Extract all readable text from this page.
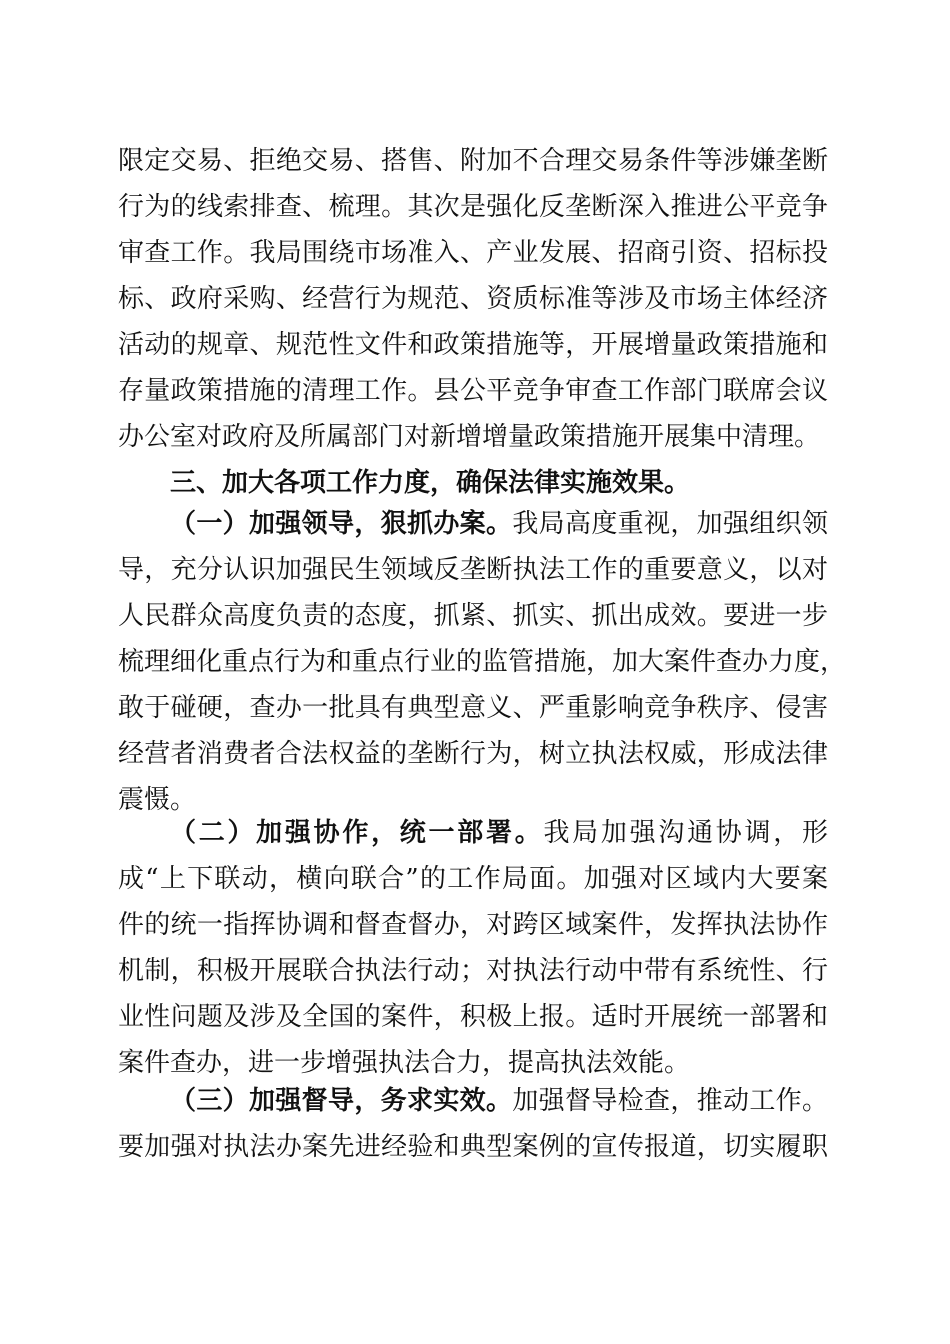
限定交易、拒绝交易、搭售、附加不合理交易条件等涉嫌垄断
行为的线索排查、梳理。其次是强化反垄断深入推进公平竞争
审查工作。我局围绕市场准入、产业发展、招商引资、招标投
标、政府采购、经营行为规范、资质标准等涉及市场主体经济
活动的规章、规范性文件和政策措施等，开展增量政策措施和
存量政策措施的清理工作。县公平竞争审查工作部门联席会议
办公室对政府及所属部门对新增增量政策措施开展集中清理。
三、加大各项工作力度，确保法律实施效果。
（一）加强领导，狠抓办案。我局高度重视，加强组织领
导，充分认识加强民生领域反垄断执法工作的重要意义，以对
人民群众高度负责的态度，抓紧、抓实、抓出成效。要进一步
梳理细化重点行为和重点行业的监管措施，加大案件查办力度，
敢于碰硬，查办一批具有典型意义、严重影响竞争秩序、侵害
经营者消费者合法权益的垄断行为，树立执法权威，形成法律
震慑。
（二）加强协作，统一部署。我局加强沟通协调，形
成“上下联动，横向联合”的工作局面。加强对区域内大要案
件的统一指挥协调和督查督办，对跨区域案件，发挥执法协作
机制，积极开展联合执法行动；对执法行动中带有系统性、行
业性问题及涉及全国的案件，积极上报。适时开展统一部署和
案件查办，进一步增强执法合力，提高执法效能。
（三）加强督导，务求实效。加强督导检查，推动工作。
要加强对执法办案先进经验和典型案例的宣传报道，切实履职
